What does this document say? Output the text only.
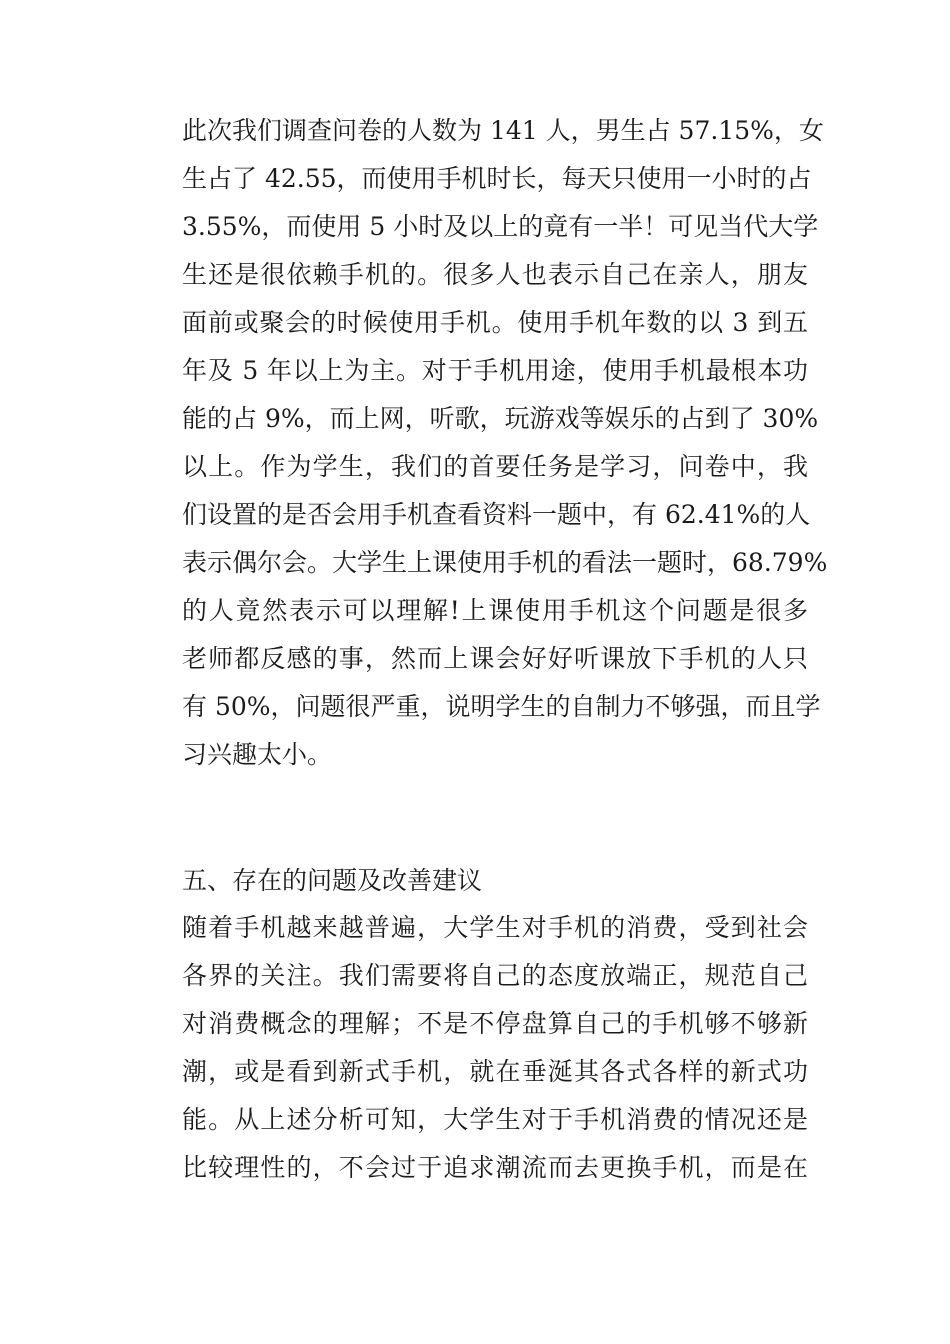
此次我们调查问卷的人数为 141 人，男生占 57.15%，女
生占了 42.55，而使用手机时长，每天只使用一小时的占
3.55%，而使用 5 小时及以上的竟有一半！可见当代大学
生还是很依赖手机的。很多人也表示自己在亲人，朋友
面前或聚会的时候使用手机。使用手机年数的以 3 到五
年及 5 年以上为主。对于手机用途，使用手机最根本功
能的占 9%，而上网，听歌，玩游戏等娱乐的占到了 30%
以上。作为学生，我们的首要任务是学习，问卷中，我
们设置的是否会用手机查看资料一题中，有 62.41%的人
表示偶尔会。大学生上课使用手机的看法一题时，68.79%
的人竟然表示可以理解!上课使用手机这个问题是很多
老师都反感的事，然而上课会好好听课放下手机的人只
有 50%，问题很严重，说明学生的自制力不够强，而且学
习兴趣太小。
五、存在的问题及改善建议
随着手机越来越普遍，大学生对手机的消费，受到社会
各界的关注。我们需要将自己的态度放端正，规范自己
对消费概念的理解；不是不停盘算自己的手机够不够新
潮，或是看到新式手机，就在垂涎其各式各样的新式功
能。从上述分析可知，大学生对于手机消费的情况还是
比较理性的，不会过于追求潮流而去更换手机，而是在
